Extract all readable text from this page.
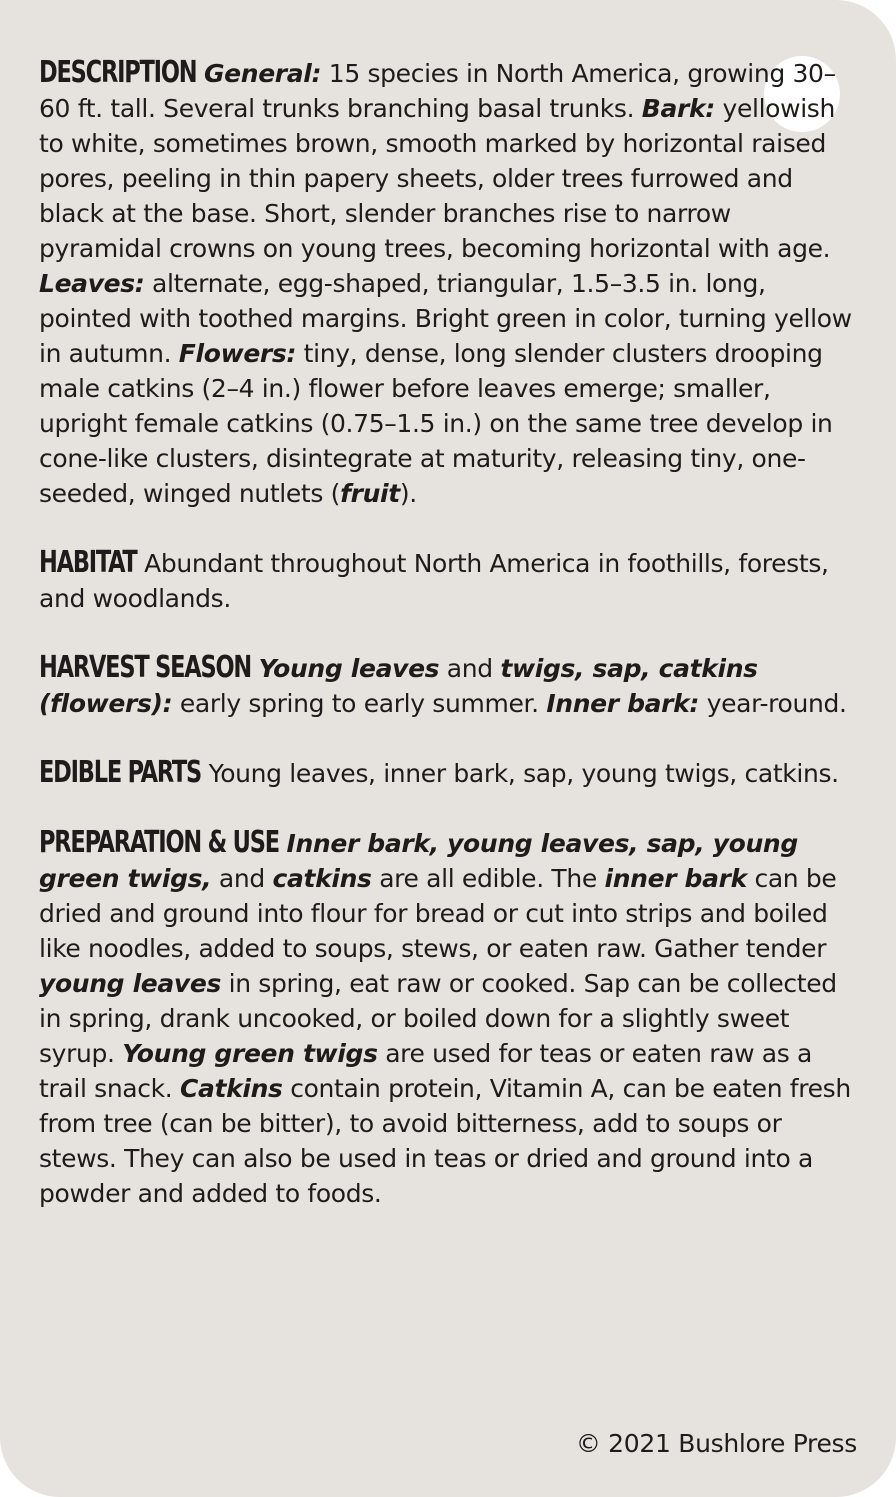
DESCRIPTION General: 15 species in North America, growing 30–60 ft. tall. Several trunks branching basal trunks. Bark: yellowish to white, sometimes brown, smooth marked by horizontal raised pores, peeling in thin papery sheets, older trees furrowed and black at the base. Short, slender branches rise to narrow pyramidal crowns on young trees, becoming horizontal with age. Leaves: alternate, egg-shaped, triangular, 1.5–3.5 in. long, pointed with toothed margins. Bright green in color, turning yellow in autumn. Flowers: tiny, dense, long slender clusters drooping male catkins (2–4 in.) flower before leaves emerge; smaller, upright female catkins (0.75–1.5 in.) on the same tree develop in cone-like clusters, disintegrate at maturity, releasing tiny, one-seeded, winged nutlets (fruit).

HABITAT Abundant throughout North America in foothills, forests, and woodlands.

HARVEST SEASON Young leaves and twigs, sap, catkins (flowers): early spring to early summer. Inner bark: year-round.

EDIBLE PARTS Young leaves, inner bark, sap, young twigs, catkins.

PREPARATION & USE Inner bark, young leaves, sap, young green twigs, and catkins are all edible. The inner bark can be dried and ground into flour for bread or cut into strips and boiled like noodles, added to soups, stews, or eaten raw. Gather tender young leaves in spring, eat raw or cooked. Sap can be collected in spring, drank uncooked, or boiled down for a slightly sweet syrup. Young green twigs are used for teas or eaten raw as a trail snack. Catkins contain protein, Vitamin A, can be eaten fresh from tree (can be bitter), to avoid bitterness, add to soups or stews. They can also be used in teas or dried and ground into a powder and added to foods.

© 2021 Bushlore Press
